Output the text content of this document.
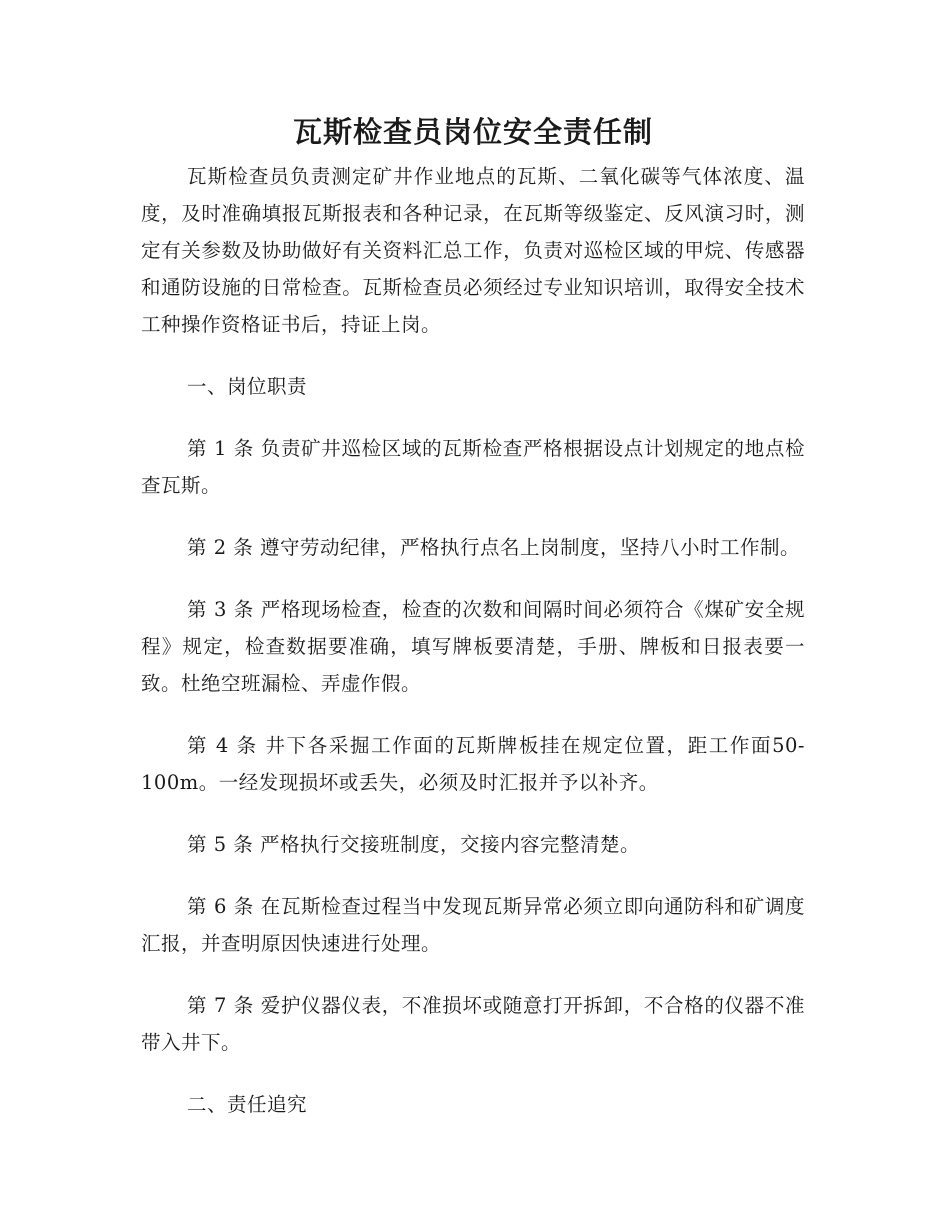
瓦斯检查员岗位安全责任制

瓦斯检查员负责测定矿井作业地点的瓦斯、二氧化碳等气体浓度、温度，及时准确填报瓦斯报表和各种记录，在瓦斯等级鉴定、反风演习时，测定有关参数及协助做好有关资料汇总工作，负责对巡检区域的甲烷、传感器和通防设施的日常检查。瓦斯检查员必须经过专业知识培训，取得安全技术工种操作资格证书后，持证上岗。

一、岗位职责

第 1 条 负责矿井巡检区域的瓦斯检查严格根据设点计划规定的地点检查瓦斯。

第 2 条 遵守劳动纪律，严格执行点名上岗制度，坚持八小时工作制。

第 3 条 严格现场检查，检查的次数和间隔时间必须符合《煤矿安全规程》规定，检查数据要准确，填写牌板要清楚，手册、牌板和日报表要一致。杜绝空班漏检、弄虚作假。

第 4 条 井下各采掘工作面的瓦斯牌板挂在规定位置，距工作面50-100m。一经发现损坏或丢失，必须及时汇报并予以补齐。

第 5 条 严格执行交接班制度，交接内容完整清楚。

第 6 条 在瓦斯检查过程当中发现瓦斯异常必须立即向通防科和矿调度汇报，并查明原因快速进行处理。

第 7 条 爱护仪器仪表，不准损坏或随意打开拆卸，不合格的仪器不准带入井下。

二、责任追究
